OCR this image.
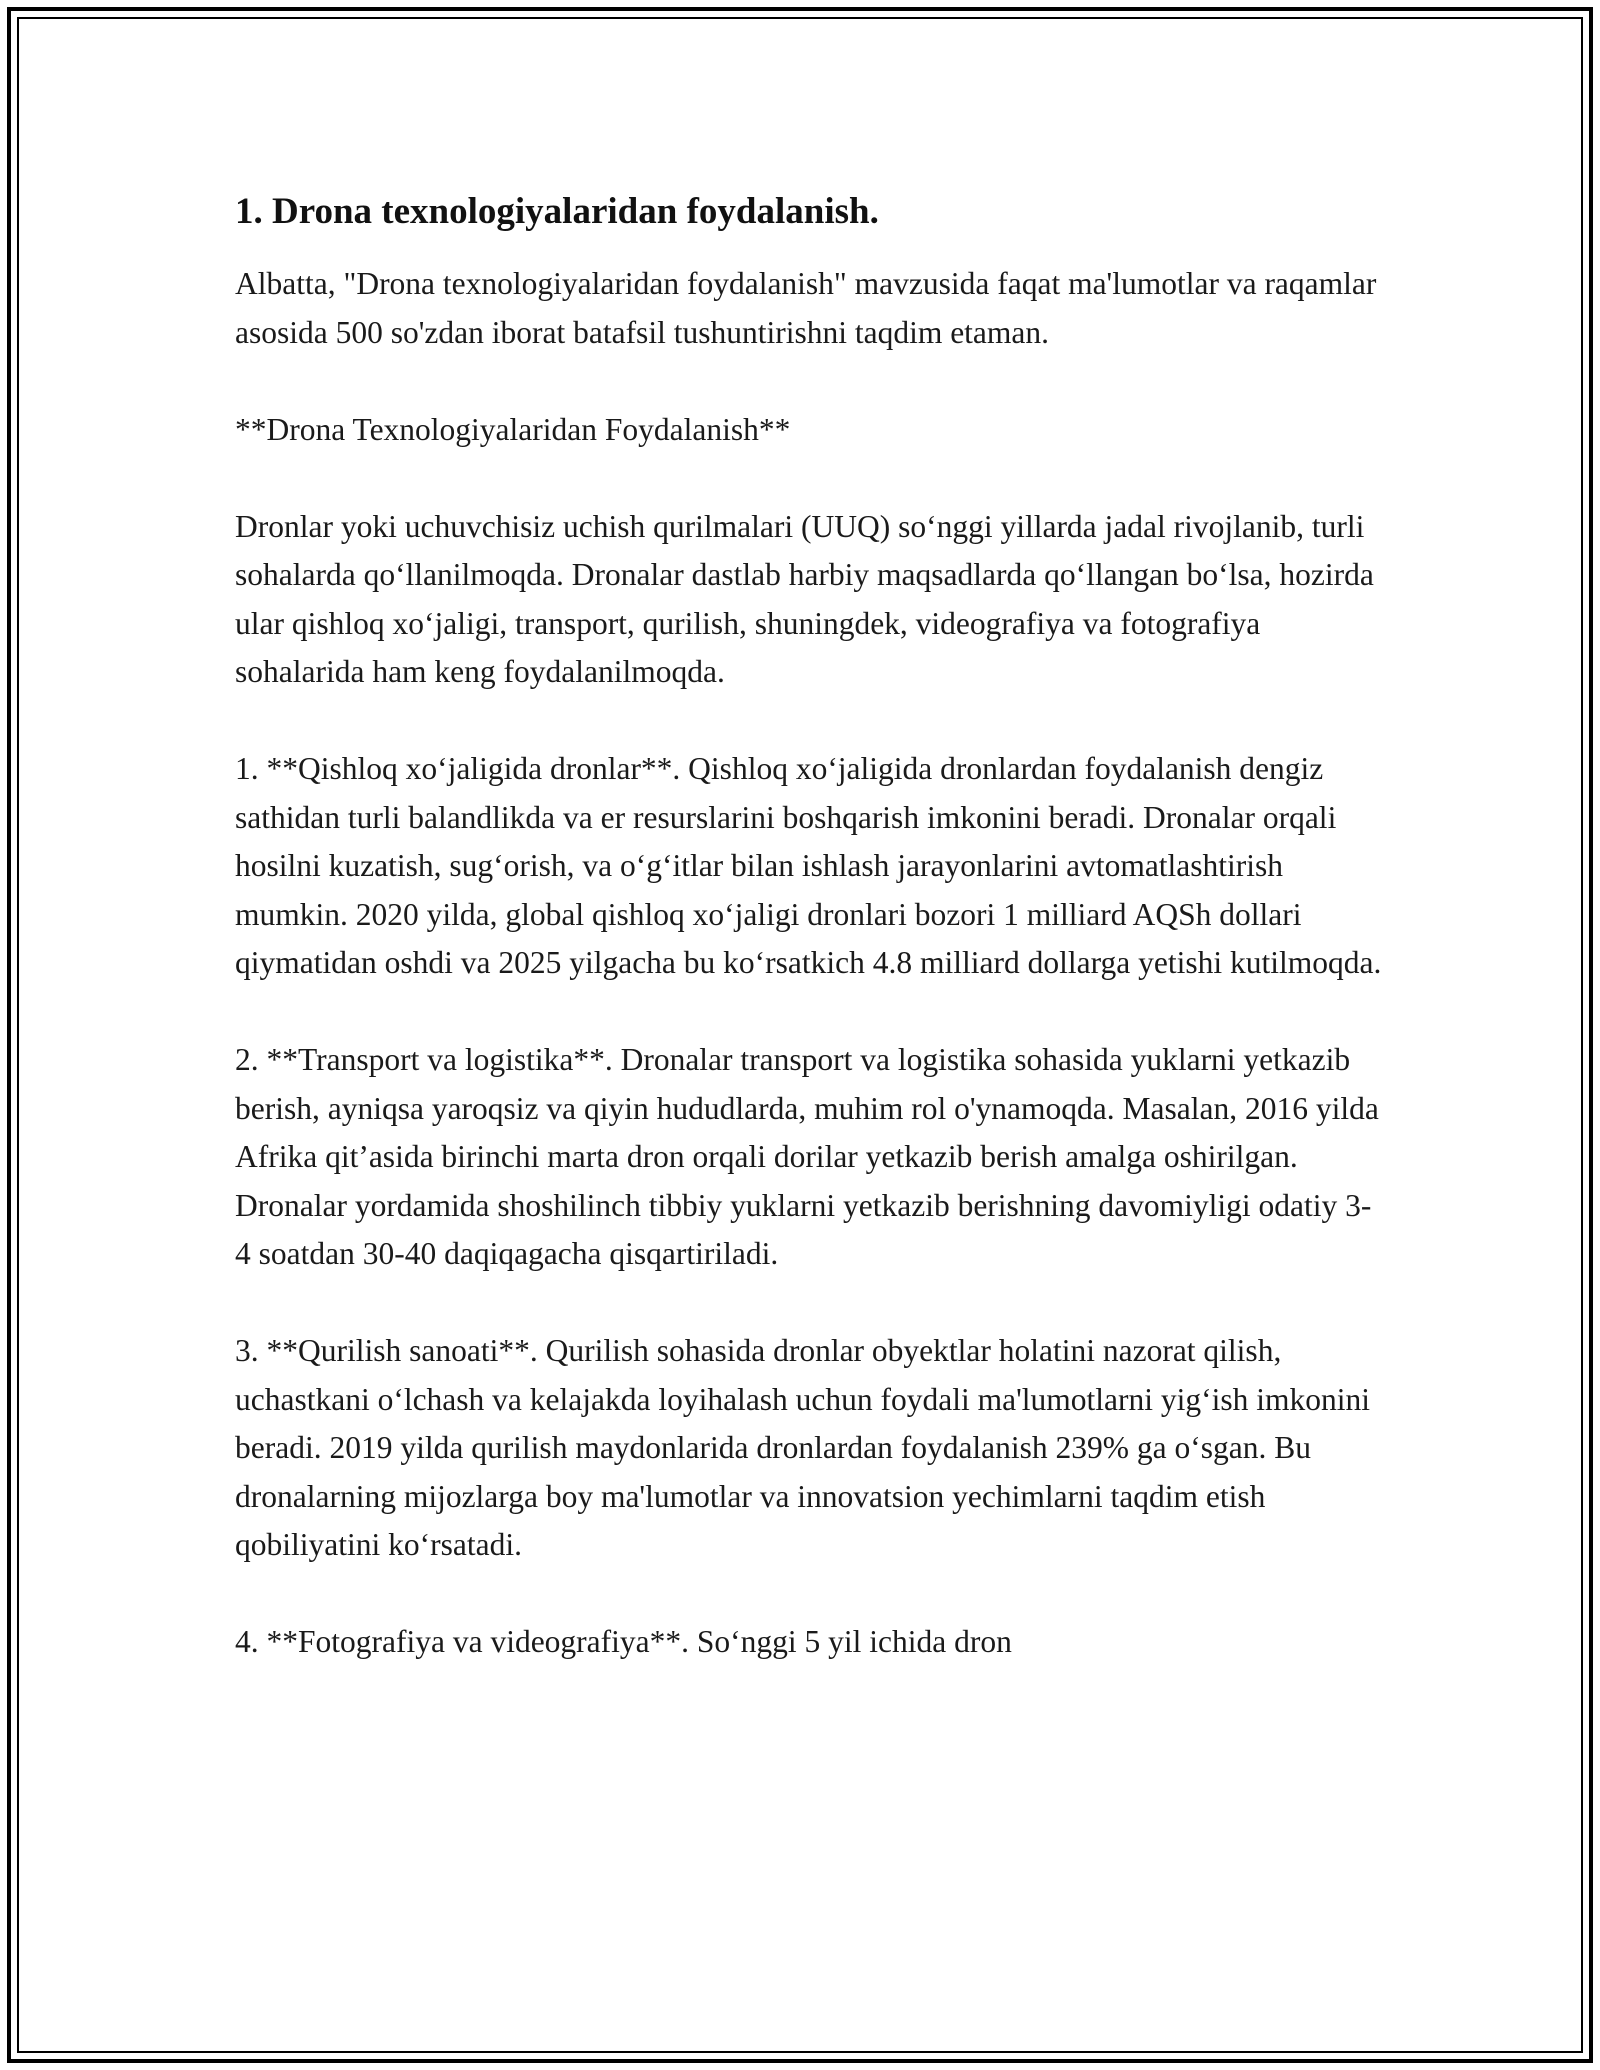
1. Drona texnologiyalaridan foydalanish.

Albatta, "Drona texnologiyalaridan foydalanish" mavzusida faqat ma'lumotlar va raqamlar asosida 500 so'zdan iborat batafsil tushuntirishni taqdim etaman.

**Drona Texnologiyalaridan Foydalanish**

Dronlar yoki uchuvchisiz uchish qurilmalari (UUQ) soʻnggi yillarda jadal rivojlanib, turli sohalarda qoʻllanilmoqda. Dronalar dastlab harbiy maqsadlarda qoʻllangan boʻlsa, hozirda ular qishloq xoʻjaligi, transport, qurilish, shuningdek, videografiya va fotografiya sohalarida ham keng foydalanilmoqda.

1. **Qishloq xoʻjaligida dronlar**. Qishloq xoʻjaligida dronlardan foydalanish dengiz sathidan turli balandlikda va er resurslarini boshqarish imkonini beradi. Dronalar orqali hosilni kuzatish, sugʻorish, va oʻgʻitlar bilan ishlash jarayonlarini avtomatlashtirish mumkin. 2020 yilda, global qishloq xoʻjaligi dronlari bozori 1 milliard AQSh dollari qiymatidan oshdi va 2025 yilgacha bu koʻrsatkich 4.8 milliard dollarga yetishi kutilmoqda.

2. **Transport va logistika**. Dronalar transport va logistika sohasida yuklarni yetkazib berish, ayniqsa yaroqsiz va qiyin hududlarda, muhim rol o'ynamoqda. Masalan, 2016 yilda Afrika qit’asida birinchi marta dron orqali dorilar yetkazib berish amalga oshirilgan. Dronalar yordamida shoshilinch tibbiy yuklarni yetkazib berishning davomiyligi odatiy 3-4 soatdan 30-40 daqiqagacha qisqartiriladi.

3. **Qurilish sanoati**. Qurilish sohasida dronlar obyektlar holatini nazorat qilish, uchastkani oʻlchash va kelajakda loyihalash uchun foydali ma'lumotlarni yigʻish imkonini beradi. 2019 yilda qurilish maydonlarida dronlardan foydalanish 239% ga oʻsgan. Bu dronalarning mijozlarga boy ma'lumotlar va innovatsion yechimlarni taqdim etish qobiliyatini koʻrsatadi.

4. **Fotografiya va videografiya**. Soʻnggi 5 yil ichida dron
